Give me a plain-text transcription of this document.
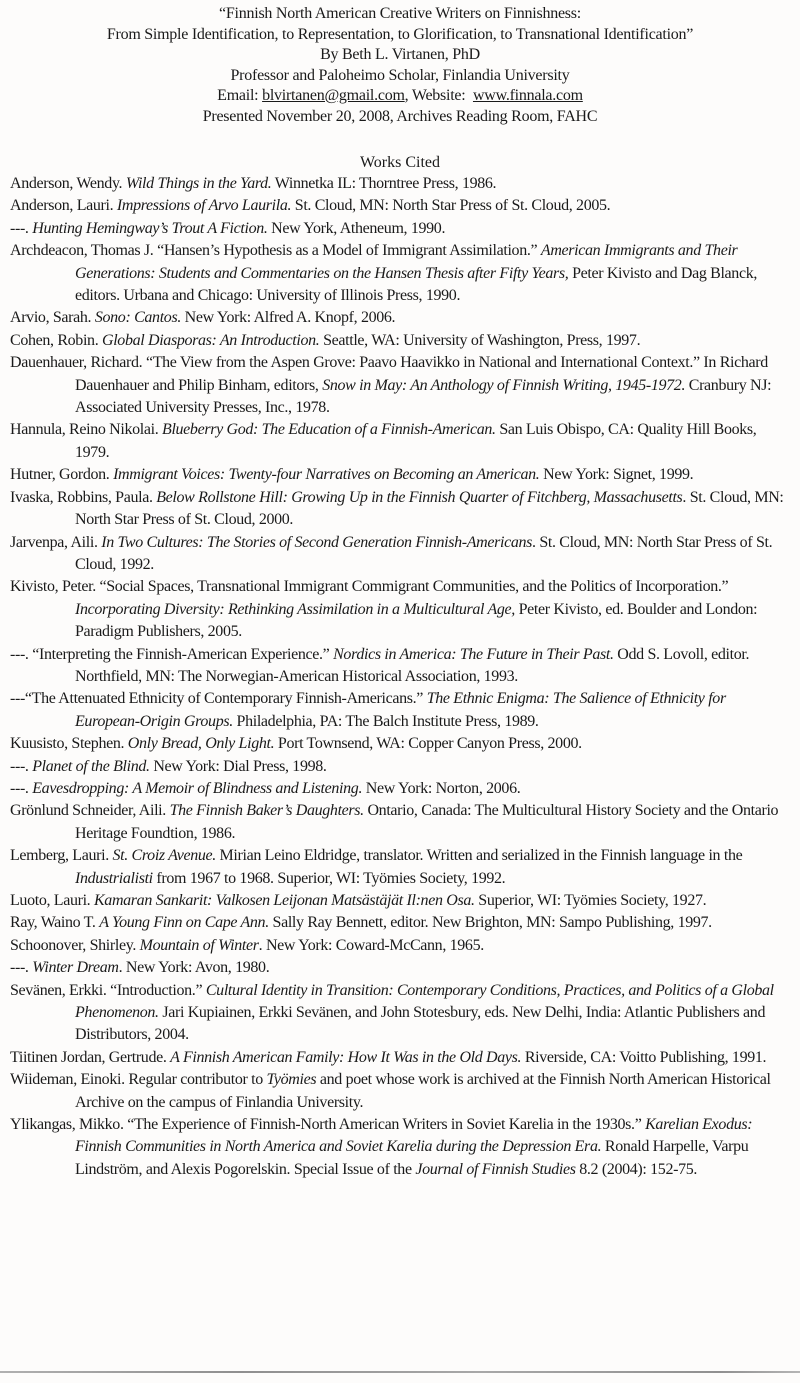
“Finnish North American Creative Writers on Finnishness:
From Simple Identification, to Representation, to Glorification, to Transnational Identification”
By Beth L. Virtanen, PhD
Professor and Paloheimo Scholar, Finlandia University
Email: blvirtanen@gmail.com, Website:  www.finnala.com
Presented November 20, 2008, Archives Reading Room, FAHC
Works Cited

Anderson, Wendy. Wild Things in the Yard. Winnetka IL: Thorntree Press, 1986.

Anderson, Lauri. Impressions of Arvo Laurila. St. Cloud, MN: North Star Press of St. Cloud, 2005.

---. Hunting Hemingway’s Trout A Fiction. New York, Atheneum, 1990.

Archdeacon, Thomas J. “Hansen’s Hypothesis as a Model of Immigrant Assimilation.” American Immigrants and Their Generations: Students and Commentaries on the Hansen Thesis after Fifty Years, Peter Kivisto and Dag Blanck, editors. Urbana and Chicago: University of Illinois Press, 1990.

Arvio, Sarah. Sono: Cantos. New York: Alfred A. Knopf, 2006.

Cohen, Robin. Global Diasporas: An Introduction. Seattle, WA: University of Washington, Press, 1997.

Dauenhauer, Richard. “The View from the Aspen Grove: Paavo Haavikko in National and International Context.” In Richard Dauenhauer and Philip Binham, editors, Snow in May: An Anthology of Finnish Writing, 1945-1972. Cranbury NJ: Associated University Presses, Inc., 1978.

Hannula, Reino Nikolai. Blueberry God: The Education of a Finnish-American. San Luis Obispo, CA: Quality Hill Books, 1979.

Hutner, Gordon. Immigrant Voices: Twenty-four Narratives on Becoming an American. New York: Signet, 1999.

Ivaska, Robbins, Paula. Below Rollstone Hill: Growing Up in the Finnish Quarter of Fitchberg, Massachusetts. St. Cloud, MN: North Star Press of St. Cloud, 2000.

Jarvenpa, Aili. In Two Cultures: The Stories of Second Generation Finnish-Americans. St. Cloud, MN: North Star Press of St. Cloud, 1992.

Kivisto, Peter. “Social Spaces, Transnational Immigrant Commigrant Communities, and the Politics of Incorporation.” Incorporating Diversity: Rethinking Assimilation in a Multicultural Age, Peter Kivisto, ed. Boulder and London: Paradigm Publishers, 2005.

---. “Interpreting the Finnish-American Experience.” Nordics in America: The Future in Their Past. Odd S. Lovoll, editor. Northfield, MN: The Norwegian-American Historical Association, 1993.

---“The Attenuated Ethnicity of Contemporary Finnish-Americans.” The Ethnic Enigma: The Salience of Ethnicity for European-Origin Groups. Philadelphia, PA: The Balch Institute Press, 1989.

Kuusisto, Stephen. Only Bread, Only Light. Port Townsend, WA: Copper Canyon Press, 2000.

---. Planet of the Blind. New York: Dial Press, 1998.

---. Eavesdropping: A Memoir of Blindness and Listening. New York: Norton, 2006.

Grönlund Schneider, Aili. The Finnish Baker’s Daughters. Ontario, Canada: The Multicultural History Society and the Ontario Heritage Foundtion, 1986.

Lemberg, Lauri. St. Croiz Avenue. Mirian Leino Eldridge, translator. Written and serialized in the Finnish language in the Industrialisti from 1967 to 1968. Superior, WI: Työmies Society, 1992.

Luoto, Lauri. Kamaran Sankarit: Valkosen Leijonan Matsästäjät Il:nen Osa. Superior, WI: Työmies Society, 1927.

Ray, Waino T. A Young Finn on Cape Ann. Sally Ray Bennett, editor. New Brighton, MN: Sampo Publishing, 1997.

Schoonover, Shirley. Mountain of Winter. New York: Coward-McCann, 1965.

---. Winter Dream. New York: Avon, 1980.

Sevänen, Erkki. “Introduction.” Cultural Identity in Transition: Contemporary Conditions, Practices, and Politics of a Global Phenomenon. Jari Kupiainen, Erkki Sevänen, and John Stotesbury, eds. New Delhi, India: Atlantic Publishers and Distributors, 2004.

Tiitinen Jordan, Gertrude. A Finnish American Family: How It Was in the Old Days. Riverside, CA: Voitto Publishing, 1991.

Wiideman, Einoki. Regular contributor to Työmies and poet whose work is archived at the Finnish North American Historical Archive on the campus of Finlandia University.

Ylikangas, Mikko. “The Experience of Finnish-North American Writers in Soviet Karelia in the 1930s.” Karelian Exodus: Finnish Communities in North America and Soviet Karelia during the Depression Era. Ronald Harpelle, Varpu Lindström, and Alexis Pogorelskin. Special Issue of the Journal of Finnish Studies 8.2 (2004): 152-75.
